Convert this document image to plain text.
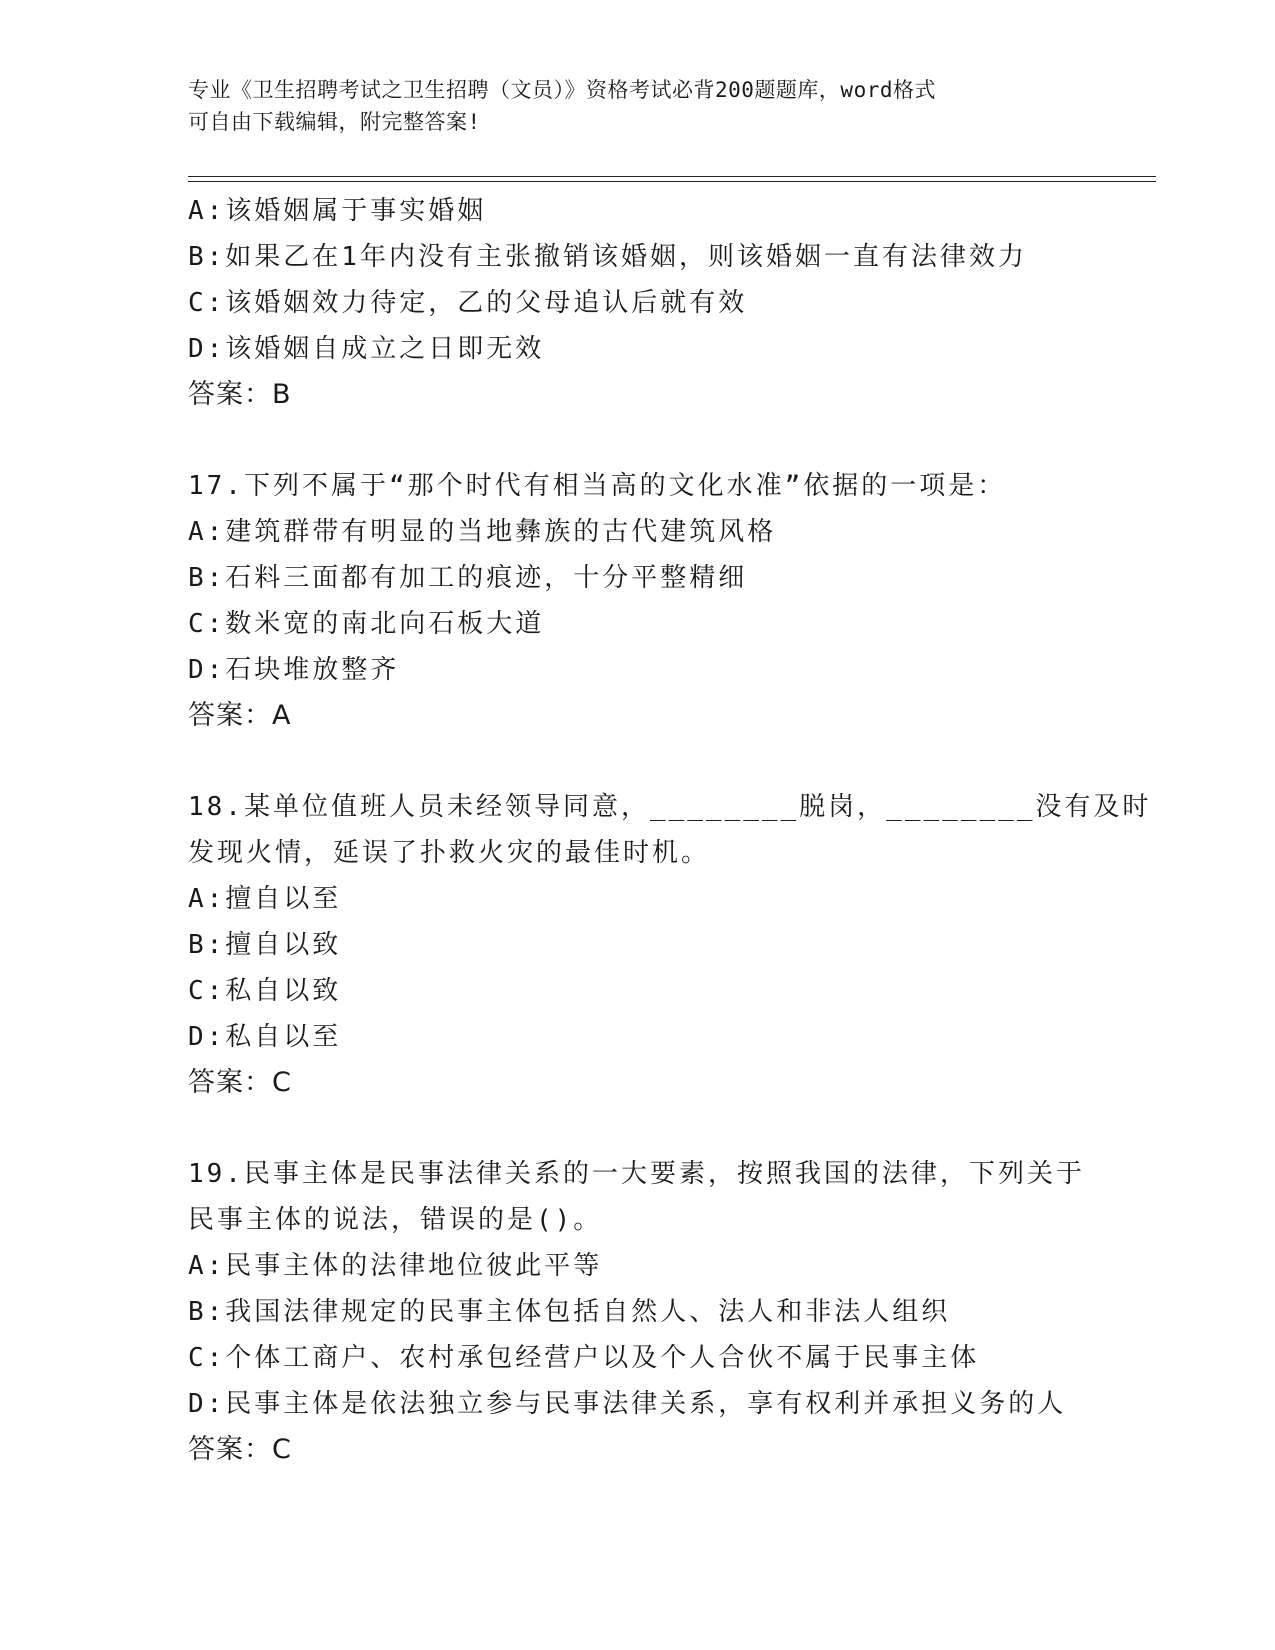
专业《卫生招聘考试之卫生招聘（文员）》资格考试必背200题题库，word格式
可自由下载编辑，附完整答案!
A:该婚姻属于事实婚姻
B:如果乙在1年内没有主张撤销该婚姻，则该婚姻一直有法律效力
C:该婚姻效力待定，乙的父母追认后就有效
D:该婚姻自成立之日即无效
答案：B
17.下列不属于“那个时代有相当高的文化水准”依据的一项是：
A:建筑群带有明显的当地彝族的古代建筑风格
B:石料三面都有加工的痕迹，十分平整精细
C:数米宽的南北向石板大道
D:石块堆放整齐
答案：A
18.某单位值班人员未经领导同意，________脱岗，________没有及时
发现火情，延误了扑救火灾的最佳时机。
A:擅自以至
B:擅自以致
C:私自以致
D:私自以至
答案：C
19.民事主体是民事法律关系的一大要素，按照我国的法律，下列关于
民事主体的说法，错误的是()。
A:民事主体的法律地位彼此平等
B:我国法律规定的民事主体包括自然人、法人和非法人组织
C:个体工商户、农村承包经营户以及个人合伙不属于民事主体
D:民事主体是依法独立参与民事法律关系，享有权利并承担义务的人
答案：C
